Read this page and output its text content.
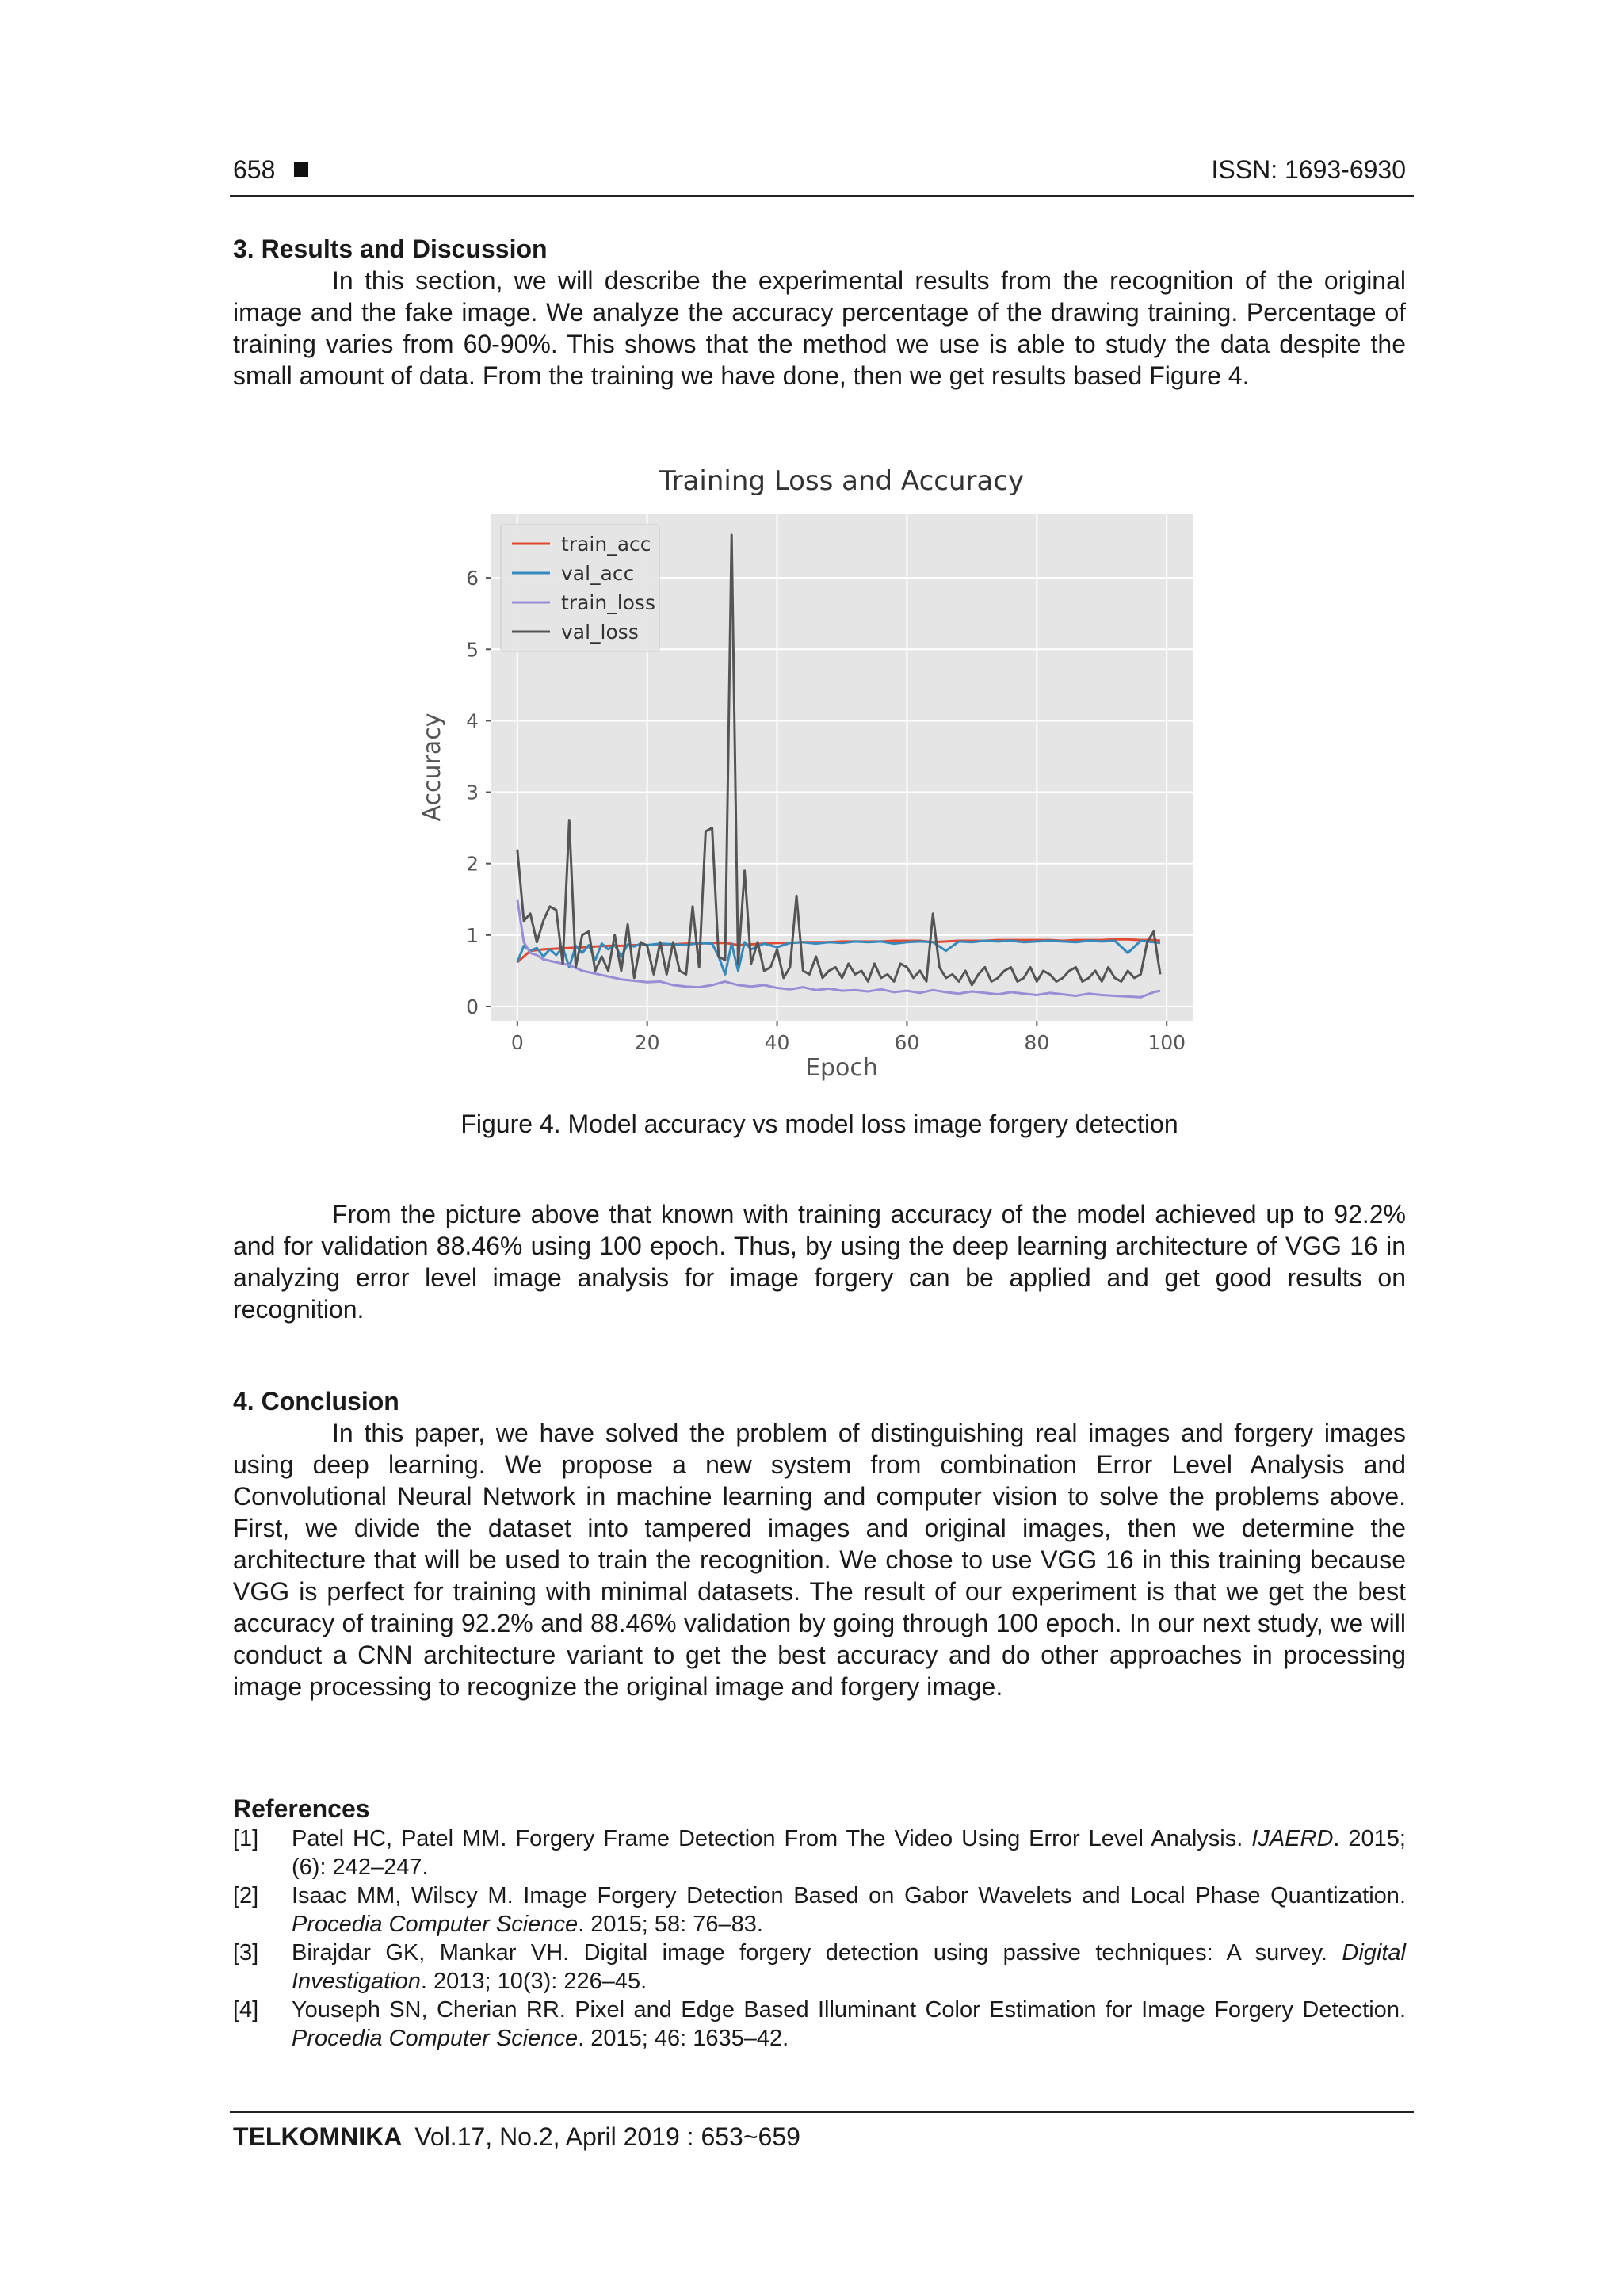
658	ISSN: 1693-6930
3. Results and Discussion
In this section, we will describe the experimental results from the recognition of the original image and the fake image. We analyze the accuracy percentage of the drawing training. Percentage of training varies from 60-90%. This shows that the method we use is able to study the data despite the small amount of data. From the training we have done, then we get results based Figure 4.
0	20	40	60	80	100
0
1
2
3
4
5
6
Training Loss and Accuracy
Epoch
Accuracy
train_acc
val_acc
train_loss
val_loss
Figure 4. Model accuracy vs model loss image forgery detection
From the picture above that known with training accuracy of the model achieved up to 92.2% and for validation 88.46% using 100 epoch. Thus, by using the deep learning architecture of VGG 16 in analyzing error level image analysis for image forgery can be applied and get good results on recognition.
4. Conclusion
In this paper, we have solved the problem of distinguishing real images and forgery images using deep learning. We propose a new system from combination Error Level Analysis and Convolutional Neural Network in machine learning and computer vision to solve the problems above. First, we divide the dataset into tampered images and original images, then we determine the architecture that will be used to train the recognition. We chose to use VGG 16 in this training because VGG is perfect for training with minimal datasets. The result of our experiment is that we get the best accuracy of training 92.2% and 88.46% validation by going through 100 epoch. In our next study, we will conduct a CNN architecture variant to get the best accuracy and do other approaches in processing image processing to recognize the original image and forgery image.
References
[1] Patel HC, Patel MM. Forgery Frame Detection From The Video Using Error Level Analysis. IJAERD. 2015; (6): 242–247.
[2] Isaac MM, Wilscy M. Image Forgery Detection Based on Gabor Wavelets and Local Phase Quantization. Procedia Computer Science. 2015; 58: 76–83.
[3] Birajdar GK, Mankar VH. Digital image forgery detection using passive techniques: A survey. Digital Investigation. 2013; 10(3): 226–45.
[4] Youseph SN, Cherian RR. Pixel and Edge Based Illuminant Color Estimation for Image Forgery Detection. Procedia Computer Science. 2015; 46: 1635–42.
TELKOMNIKA Vol.17, No.2, April 2019 : 653~659
